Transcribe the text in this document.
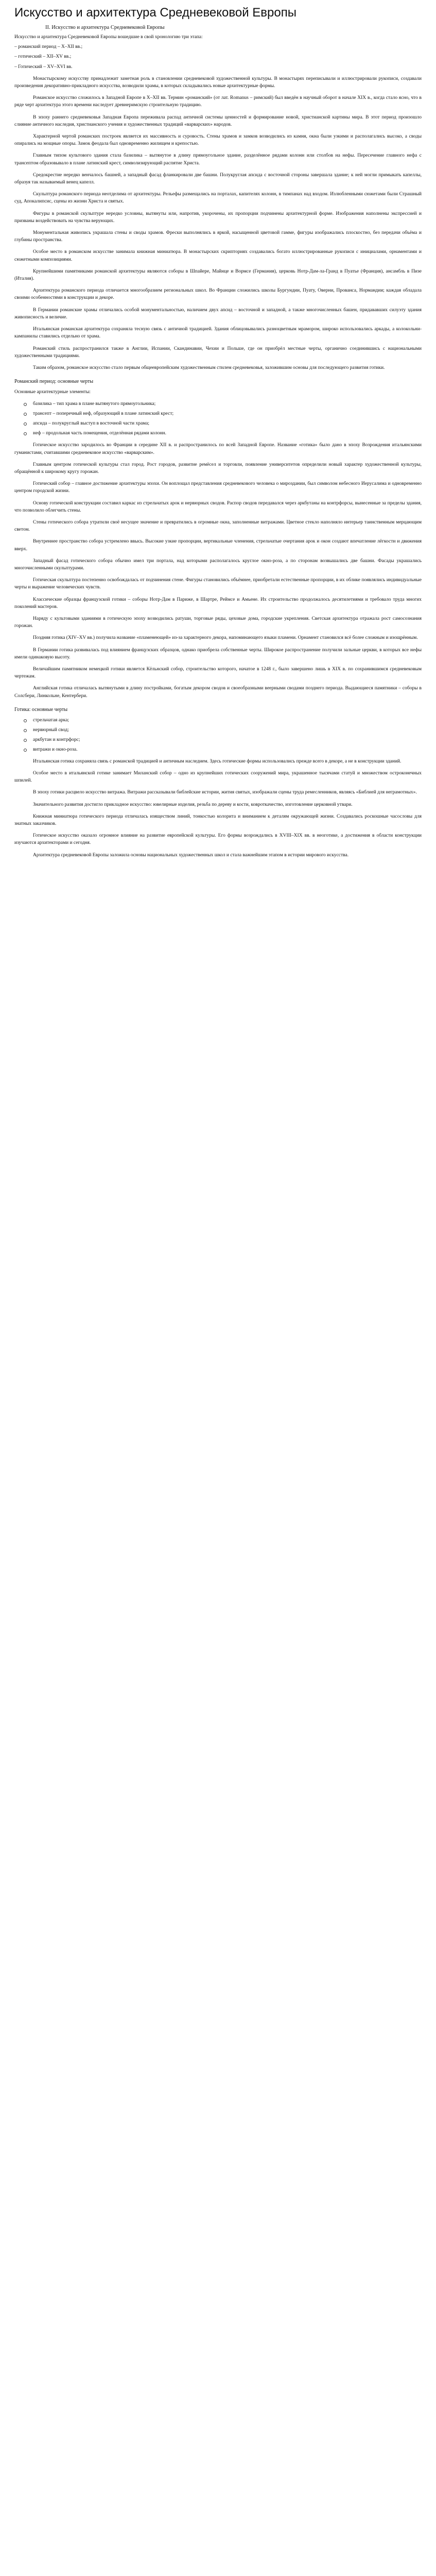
Искусство и архитектура Средневековой Европы
II. Искусство и архитектура Средневековой Европы

Искусство и архитектура Средневековой Европы вошедшие в свой хронологию три этапа:

– романский период – X–XII вв.;

– готический – XII–XV вв.;

– Готический – XV–XVI вв.

Монастырскому искусству принадлежит заметная роль в становлении средневековой художественной культуры. В монастырях переписывали и иллюстрировали рукописи, создавали произведения декоративно-прикладного искусства, возводили храмы, в которых складывались новые архитектурные формы.

Романское искусство сложилось в Западной Европе в X–XII вв. Термин «романский» (от лат. Romanus – римский) был введён в научный оборот в начале XIX в., когда стало ясно, что в ряде черт архитектура этого времени наследует древнеримскую строительную традицию.

В эпоху раннего средневековья Западная Европа переживала распад античной системы ценностей и формирование новой, христианской картины мира. В этот период произошло слияние античного наследия, христианского учения и художественных традиций «варварских» народов.

Характерной чертой романских построек является их массивность и суровость. Стены храмов и замков возводились из камня, окна были узкими и располагались высоко, а своды опирались на мощные опоры. Замок феодала был одновременно жилищем и крепостью.

Главным типом культового здания стала базилика – вытянутое в длину прямоугольное здание, разделённое рядами колонн или столбов на нефы. Пересечение главного нефа с трансептом образовывало в плане латинский крест, символизирующий распятие Христа.

Средокрестие нередко венчалось башней, а западный фасад фланкировали две башни. Полукруглая апсида с восточной стороны завершала здание; к ней могли примыкать капеллы, образуя так называемый венец капелл.

Скульптура романского периода неотделима от архитектуры. Рельефы размещались на порталах, капителях колонн, в тимпанах над входом. Излюбленными сюжетами были Страшный суд, Апокалипсис, сцены из жизни Христа и святых.

Фигуры в романской скульптуре нередко условны, вытянуты или, напротив, укорочены, их пропорции подчинены архитектурной форме. Изображения наполнены экспрессией и призваны воздействовать на чувства верующих.

Монументальная живопись украшала стены и своды храмов. Фрески выполнялись в яркой, насыщенной цветовой гамме, фигуры изображались плоскостно, без передачи объёма и глубины пространства.

Особое место в романском искусстве занимала книжная миниатюра. В монастырских скрипториях создавались богато иллюстрированные рукописи с инициалами, орнаментами и сюжетными композициями.

Крупнейшими памятниками романской архитектуры являются соборы в Шпайере, Майнце и Вормсе (Германия), церковь Нотр-Дам-ла-Гранд в Пуатье (Франция), ансамбль в Пизе (Италия).

Архитектура романского периода отличается многообразием региональных школ. Во Франции сложились школы Бургундии, Пуату, Оверни, Прованса, Нормандии; каждая обладала своими особенностями в конструкции и декоре.

В Германии романские храмы отличались особой монументальностью, наличием двух апсид – восточной и западной, а также многочисленных башен, придававших силуэту здания живописность и величие.

Итальянская романская архитектура сохраняла тесную связь с античной традицией. Здания облицовывались разноцветным мрамором, широко использовались аркады, а колокольни-кампанилы ставились отдельно от храма.

Романский стиль распространился также в Англии, Испании, Скандинавии, Чехии и Польше, где он приобрёл местные черты, органично соединившись с национальными художественными традициями.

Таким образом, романское искусство стало первым общеевропейским художественным стилем средневековья, заложившим основы для последующего развития готики.

Романский период: основные черты

Основные архитектурные элементы:

базилика – тип храма в плане вытянутого прямоугольника;
трансепт – поперечный неф, образующий в плане латинский крест;
апсида – полукруглый выступ в восточной части храма;
неф – продольная часть помещения, отделённая рядами колонн.

Готическое искусство зародилось во Франции в середине XII в. и распространилось по всей Западной Европе. Название «готика» было дано в эпоху Возрождения итальянскими гуманистами, считавшими средневековое искусство «варварским».

Главным центром готической культуры стал город. Рост городов, развитие ремёсел и торговли, появление университетов определили новый характер художественной культуры, обращённой к широкому кругу горожан.

Готический собор – главное достижение архитектуры эпохи. Он воплощал представления средневекового человека о мироздании, был символом небесного Иерусалима и одновременно центром городской жизни.

Основу готической конструкции составил каркас из стрельчатых арок и нервюрных сводов. Распор сводов передавался через аркбутаны на контрфорсы, вынесенные за пределы здания, что позволило облегчить стены.

Стены готического собора утратили своё несущее значение и превратились в огромные окна, заполненные витражами. Цветное стекло наполняло интерьер таинственным мерцающим светом.

Внутреннее пространство собора устремлено ввысь. Высокие узкие пропорции, вертикальные членения, стрельчатые очертания арок и окон создают впечатление лёгкости и движения вверх.

Западный фасад готического собора обычно имел три портала, над которыми располагалось круглое окно-роза, а по сторонам возвышались две башни. Фасады украшались многочисленными скульптурами.

Готическая скульптура постепенно освобождалась от подчинения стене. Фигуры становились объёмнее, приобретали естественные пропорции, в их облике появлялись индивидуальные черты и выражение человеческих чувств.

Классические образцы французской готики – соборы Нотр-Дам в Париже, в Шартре, Реймсе и Амьене. Их строительство продолжалось десятилетиями и требовало труда многих поколений мастеров.

Наряду с культовыми зданиями в готическую эпоху возводились ратуши, торговые ряды, цеховые дома, городские укрепления. Светская архитектура отражала рост самосознания горожан.

Поздняя готика (XIV–XV вв.) получила название «пламенеющей» из-за характерного декора, напоминающего языки пламени. Орнамент становился всё более сложным и изощрённым.

В Германии готика развивалась под влиянием французских образцов, однако приобрела собственные черты. Широкое распространение получили зальные церкви, в которых все нефы имели одинаковую высоту.

Величайшим памятником немецкой готики является Кёльнский собор, строительство которого, начатое в 1248 г., было завершено лишь в XIX в. по сохранившимся средневековым чертежам.

Английская готика отличалась вытянутыми в длину постройками, богатым декором сводов и своеобразными веерными сводами позднего периода. Выдающиеся памятники – соборы в Солсбери, Линкольне, Кентербери.

Готика: основные черты
стрельчатая арка;
нервюрный свод;
аркбутан и контрфорс;
витражи и окно-роза.

Итальянская готика сохраняла связь с романской традицией и античным наследием. Здесь готические формы использовались прежде всего в декоре, а не в конструкции зданий.

Особое место в итальянской готике занимает Миланский собор – одно из крупнейших готических сооружений мира, украшенное тысячами статуй и множеством остроконечных шпилей.

В эпоху готики расцвело искусство витража. Витражи рассказывали библейские истории, жития святых, изображали сцены труда ремесленников, являясь «Библией для неграмотных».

Значительного развития достигло прикладное искусство: ювелирные изделия, резьба по дереву и кости, ковроткачество, изготовление церковной утвари.

Книжная миниатюра готического периода отличалась изяществом линий, тонкостью колорита и вниманием к деталям окружающей жизни. Создавались роскошные часословы для знатных заказчиков.

Готическое искусство оказало огромное влияние на развитие европейской культуры. Его формы возрождались в XVIII–XIX вв. в неоготике, а достижения в области конструкции изучаются архитекторами и сегодня.

Архитектура средневековой Европы заложила основы национальных художественных школ и стала важнейшим этапом в истории мирового искусства.
